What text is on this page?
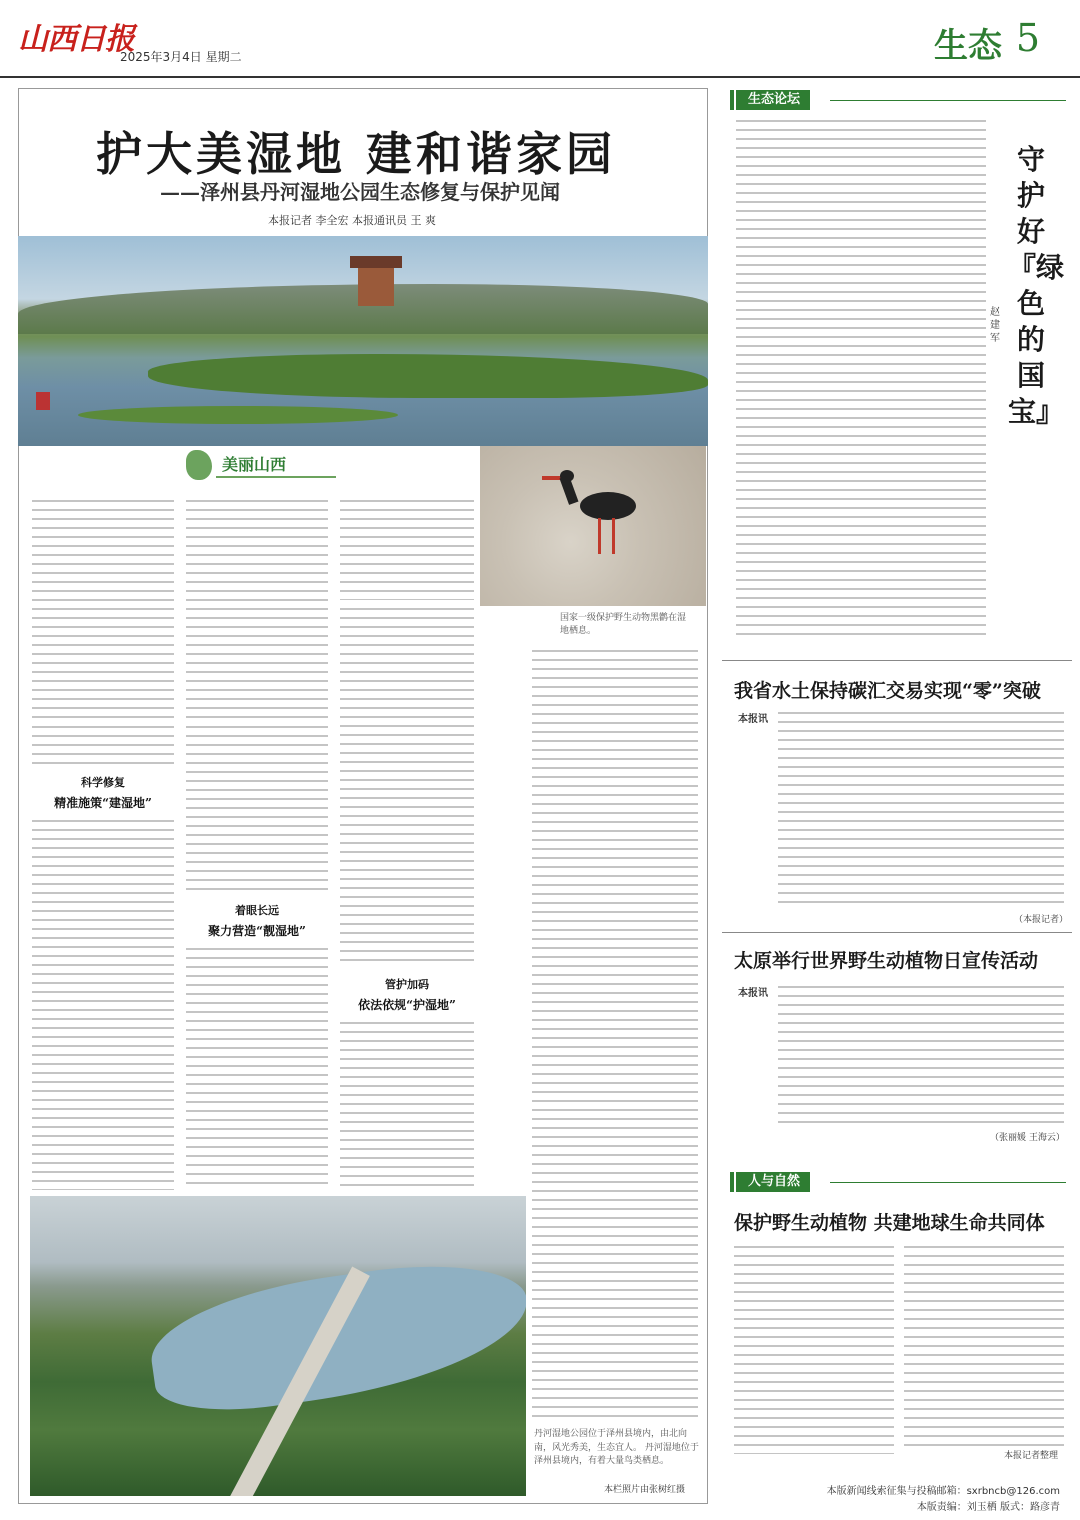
山西日报
2025年3月4日 星期二	生态 5
护大美湿地 建和谐家园
——泽州县丹河湿地公园生态修复与保护见闻
本报记者 李全宏 本报通讯员 王 爽
美丽山西
国家一级保护野生动物黑鹳在湿地栖息。
科学修复
精准施策“建湿地”
着眼长远
聚力营造“靓湿地”
管护加码
依法依规“护湿地”
丹河湿地公园位于泽州县境内，由北向南，风光秀美，生态宜人。 丹河湿地位于泽州县境内，有着大量鸟类栖息。
本栏照片由张树红摄
生态论坛
守护好『绿色的国宝』
赵建军
我省水土保持碳汇交易实现“零”突破
本报讯
（本报记者）
太原举行世界野生动植物日宣传活动
本报讯
（张丽媛 王海云）
人与自然
保护野生动植物 共建地球生命共同体
本报记者整理
本版新闻线索征集与投稿邮箱：sxrbncb@126.com
本版责编：刘玉栖 版式：路彦青
